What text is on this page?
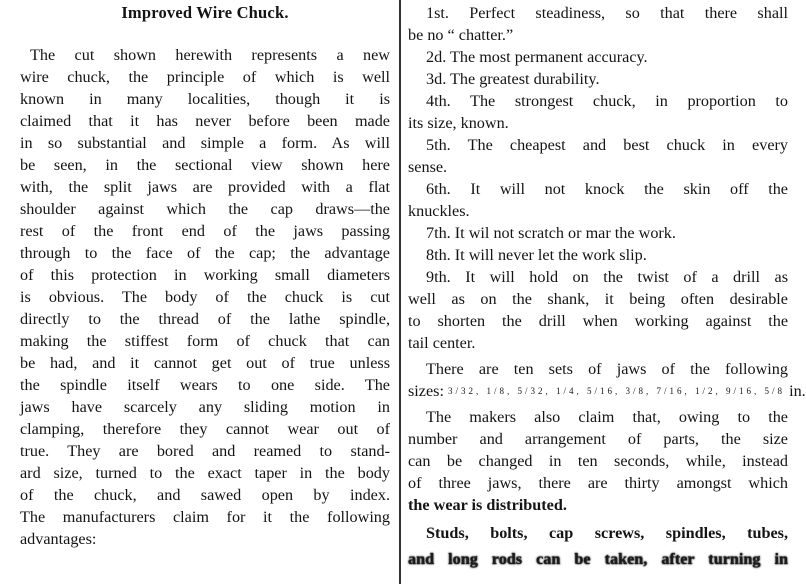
Improved Wire Chuck.
The cut shown herewith represents a new
wire chuck, the principle of which is well
known in many localities, though it is
claimed that it has never before been made
in so substantial and simple a form. As will
be seen, in the sectional view shown here
with, the split jaws are provided with a flat
shoulder against which the cap draws—the
rest of the front end of the jaws passing
through to the face of the cap; the advantage
of this protection in working small diameters
is obvious. The body of the chuck is cut
directly to the thread of the lathe spindle,
making the stiffest form of chuck that can
be had, and it cannot get out of true unless
the spindle itself wears to one side. The
jaws have scarcely any sliding motion in
clamping, therefore they cannot wear out of
true. They are bored and reamed to stand-
ard size, turned to the exact taper in the body
of the chuck, and sawed open by index.
The manufacturers claim for it the following
advantages:
1st. Perfect steadiness, so that there shall
be no “ chatter.”
2d. The most permanent accuracy.
3d. The greatest durability.
4th. The strongest chuck, in proportion to
its size, known.
5th. The cheapest and best chuck in every
sense.
6th. It will not knock the skin off the
knuckles.
7th. It wil not scratch or mar the work.
8th. It will never let the work slip.
9th. It will hold on the twist of a drill as
well as on the shank, it being often desirable
to shorten the drill when working against the
tail center.
There are ten sets of jaws of the following
sizes: 3/32, 1/8, 5/32, 1/4, 5/16, 3/8, 7/16, 1/2, 9/16, 5/8 in.
The makers also claim that, owing to the
number and arrangement of parts, the size
can be changed in ten seconds, while, instead
of three jaws, there are thirty amongst which
the wear is distributed.
Studs, bolts, cap screws, spindles, tubes,
and long rods can be taken, after turning in
